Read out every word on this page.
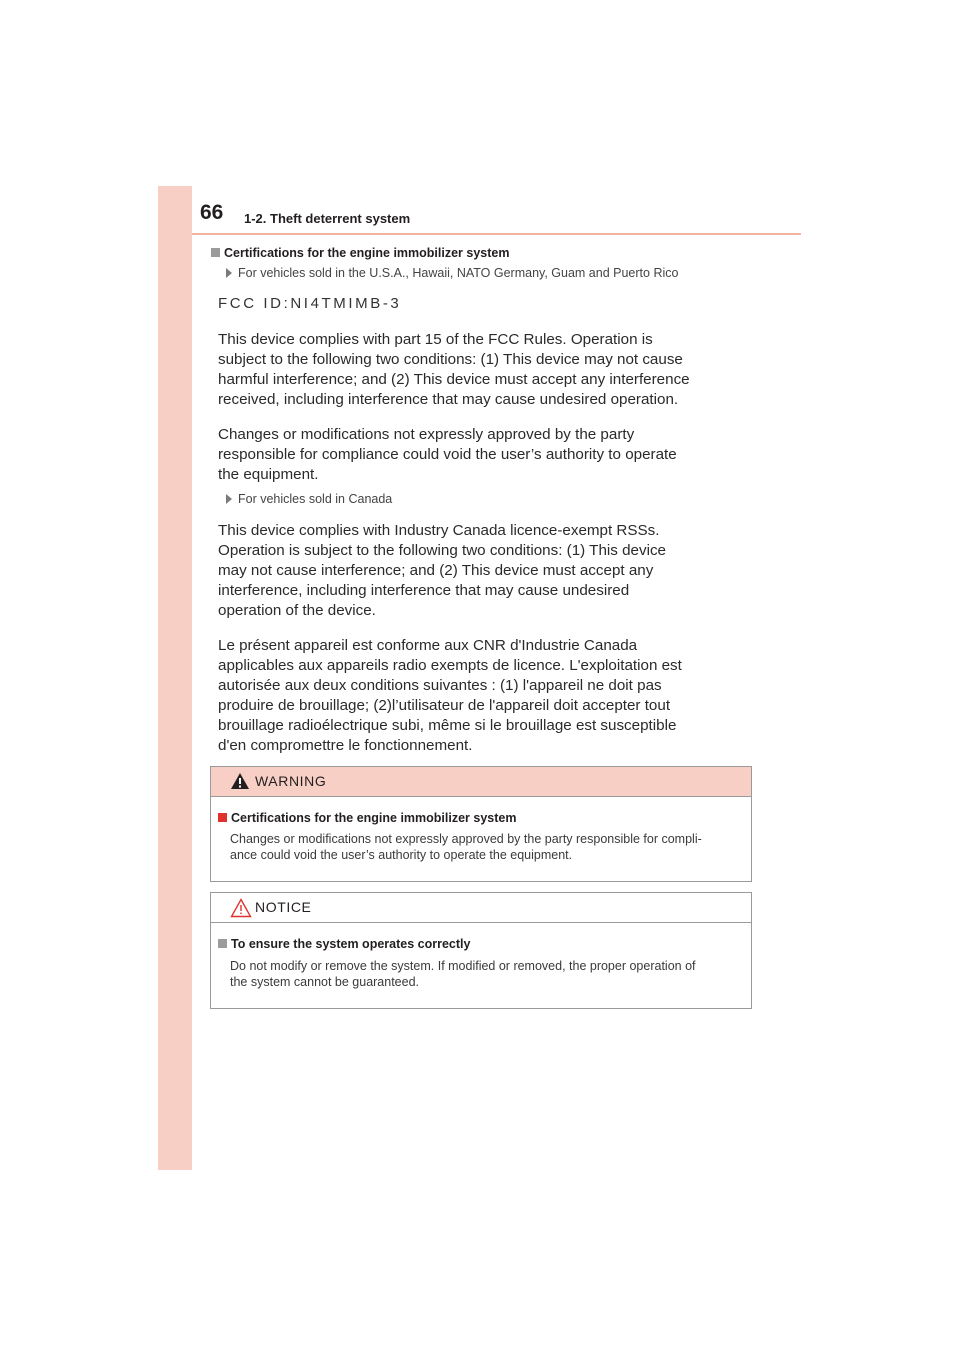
66 1-2. Theft deterrent system
Certifications for the engine immobilizer system
For vehicles sold in the U.S.A., Hawaii, NATO Germany, Guam and Puerto Rico
FCC ID:NI4TMIMB-3
This device complies with part 15 of the FCC Rules. Operation is
subject to the following two conditions: (1) This device may not cause
harmful interference; and (2) This device must accept any interference
received, including interference that may cause undesired operation.
Changes or modifications not expressly approved by the party
responsible for compliance could void the user’s authority to operate
the equipment.
For vehicles sold in Canada
This device complies with Industry Canada licence-exempt RSSs.
Operation is subject to the following two conditions: (1) This device
may not cause interference; and (2) This device must accept any
interference, including interference that may cause undesired
operation of the device.
Le présent appareil est conforme aux CNR d'Industrie Canada
applicables aux appareils radio exempts de licence. L'exploitation est
autorisée aux deux conditions suivantes : (1) l'appareil ne doit pas
produire de brouillage; (2)l’utilisateur de l'appareil doit accepter tout
brouillage radioélectrique subi, même si le brouillage est susceptible
d'en compromettre le fonctionnement.
WARNING
Certifications for the engine immobilizer system
Changes or modifications not expressly approved by the party responsible for compli-
ance could void the user’s authority to operate the equipment.
NOTICE
To ensure the system operates correctly
Do not modify or remove the system. If modified or removed, the proper operation of
the system cannot be guaranteed.
